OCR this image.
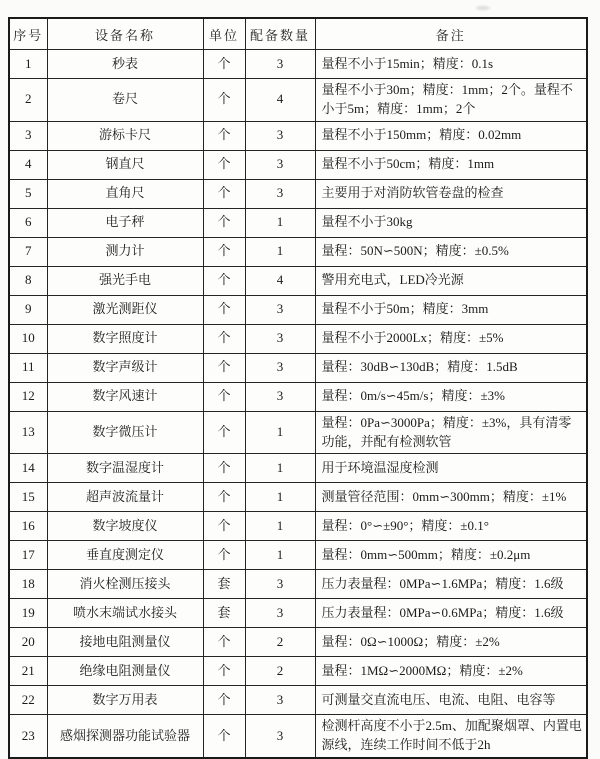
序号	设备名称	单位	配备数量	备注
1	秒表	个	3	量程不小于15min；精度：0.1s
2	卷尺	个	4	量程不小于30m；精度：1mm；2个。量程不小于5m；精度：1mm；2个
3	游标卡尺	个	3	量程不小于150mm；精度：0.02mm
4	钢直尺	个	3	量程不小于50cm；精度：1mm
5	直角尺	个	3	主要用于对消防软管卷盘的检查
6	电子秤	个	1	量程不小于30kg
7	测力计	个	1	量程：50N∽500N；精度：±0.5%
8	强光手电	个	4	警用充电式，LED冷光源
9	激光测距仪	个	3	量程不小于50m；精度：3mm
10	数字照度计	个	3	量程不小于2000Lx；精度：±5%
11	数字声级计	个	3	量程：30dB∽130dB；精度：1.5dB
12	数字风速计	个	3	量程：0m/s∽45m/s；精度：±3%
13	数字微压计	个	1	量程：0Pa∽3000Pa；精度：±3%，具有清零功能，并配有检测软管
14	数字温湿度计	个	1	用于环境温湿度检测
15	超声波流量计	个	1	测量管径范围：0mm∽300mm；精度：±1%
16	数字坡度仪	个	1	量程：0°∽±90°；精度：±0.1°
17	垂直度测定仪	个	1	量程：0mm∽500mm；精度：±0.2μm
18	消火栓测压接头	套	3	压力表量程：0MPa∽1.6MPa；精度：1.6级
19	喷水末端试水接头	套	3	压力表量程：0MPa∽0.6MPa；精度：1.6级
20	接地电阻测量仪	个	2	量程：0Ω∽1000Ω；精度：±2%
21	绝缘电阻测量仪	个	2	量程：1MΩ∽2000MΩ；精度：±2%
22	数字万用表	个	3	可测量交直流电压、电流、电阻、电容等
23	感烟探测器功能试验器	个	3	检测杆高度不小于2.5m、加配聚烟罩、内置电源线，连续工作时间不低于2h
